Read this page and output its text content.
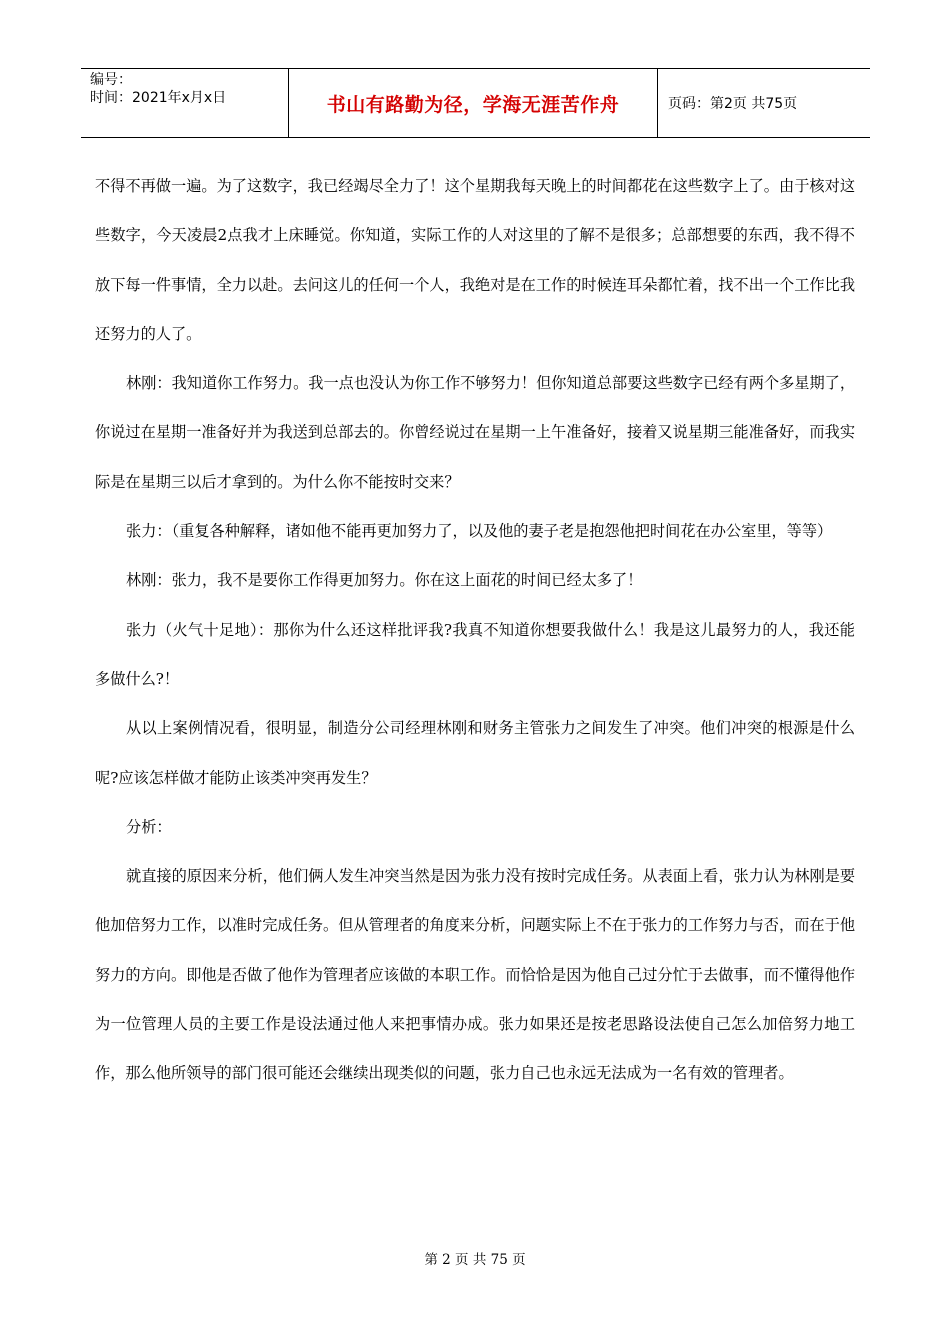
编号：
时间：2021年x月x日	书山有路勤为径，学海无涯苦作舟	页码：第2页 共75页

不得不再做一遍。为了这数字，我已经竭尽全力了！这个星期我每天晚上的时间都花在这些数字上了。由于核对这些数字，今天凌晨2点我才上床睡觉。你知道，实际工作的人对这里的了解不是很多；总部想要的东西，我不得不放下每一件事情，全力以赴。去问这儿的任何一个人，我绝对是在工作的时候连耳朵都忙着，找不出一个工作比我还努力的人了。

林刚：我知道你工作努力。我一点也没认为你工作不够努力！但你知道总部要这些数字已经有两个多星期了，你说过在星期一准备好并为我送到总部去的。你曾经说过在星期一上午准备好，接着又说星期三能准备好，而我实际是在星期三以后才拿到的。为什么你不能按时交来？

张力：（重复各种解释，诸如他不能再更加努力了，以及他的妻子老是抱怨他把时间花在办公室里，等等）

林刚：张力，我不是要你工作得更加努力。你在这上面花的时间已经太多了！

张力（火气十足地）：那你为什么还这样批评我?我真不知道你想要我做什么！我是这儿最努力的人，我还能多做什么?！

从以上案例情况看，很明显，制造分公司经理林刚和财务主管张力之间发生了冲突。他们冲突的根源是什么呢?应该怎样做才能防止该类冲突再发生？

分析：

就直接的原因来分析，他们俩人发生冲突当然是因为张力没有按时完成任务。从表面上看，张力认为林刚是要他加倍努力工作，以准时完成任务。但从管理者的角度来分析，问题实际上不在于张力的工作努力与否，而在于他努力的方向。即他是否做了他作为管理者应该做的本职工作。而恰恰是因为他自己过分忙于去做事，而不懂得他作为一位管理人员的主要工作是设法通过他人来把事情办成。张力如果还是按老思路设法使自己怎么加倍努力地工作，那么他所领导的部门很可能还会继续出现类似的问题，张力自己也永远无法成为一名有效的管理者。

第 2 页 共 75 页
